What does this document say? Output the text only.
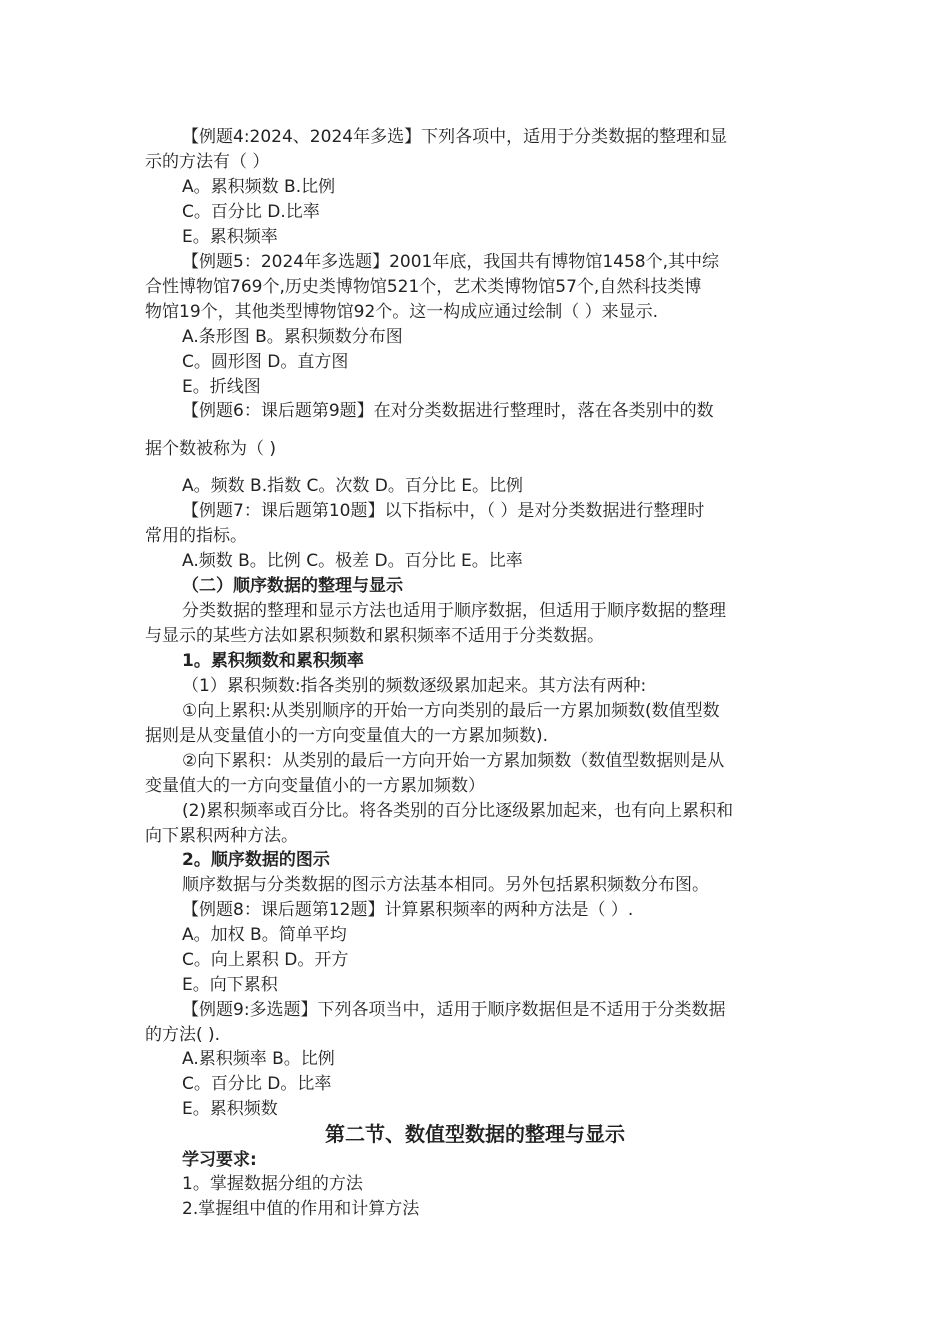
【例题4:2024、2024年多选】下列各项中，适用于分类数据的整理和显
示的方法有（ ）
A。累积频数 B.比例
C。百分比 D.比率
E。累积频率
【例题5：2024年多选题】2001年底，我国共有博物馆1458个,其中综
合性博物馆769个,历史类博物馆521个，艺术类博物馆57个,自然科技类博
物馆19个，其他类型博物馆92个。这一构成应通过绘制（ ）来显示.
A.条形图 B。累积频数分布图
C。圆形图 D。直方图
E。折线图
【例题6：课后题第9题】在对分类数据进行整理时，落在各类别中的数
据个数被称为（ )
A。频数 B.指数 C。次数 D。百分比 E。比例
【例题7：课后题第10题】以下指标中，（ ）是对分类数据进行整理时
常用的指标。
A.频数 B。比例 C。极差 D。百分比 E。比率
（二）顺序数据的整理与显示
分类数据的整理和显示方法也适用于顺序数据，但适用于顺序数据的整理
与显示的某些方法如累积频数和累积频率不适用于分类数据。
1。累积频数和累积频率
（1）累积频数:指各类别的频数逐级累加起来。其方法有两种:
①向上累积:从类别顺序的开始一方向类别的最后一方累加频数(数值型数
据则是从变量值小的一方向变量值大的一方累加频数).
②向下累积：从类别的最后一方向开始一方累加频数（数值型数据则是从
变量值大的一方向变量值小的一方累加频数）
(2)累积频率或百分比。将各类别的百分比逐级累加起来，也有向上累积和
向下累积两种方法。
2。顺序数据的图示
顺序数据与分类数据的图示方法基本相同。另外包括累积频数分布图。
【例题8：课后题第12题】计算累积频率的两种方法是（ ）.
A。加权 B。简单平均
C。向上累积 D。开方
E。向下累积
【例题9:多选题】下列各项当中，适用于顺序数据但是不适用于分类数据
的方法( ).
A.累积频率 B。比例
C。百分比 D。比率
E。累积频数
第二节、数值型数据的整理与显示
学习要求:
1。掌握数据分组的方法
2.掌握组中值的作用和计算方法
